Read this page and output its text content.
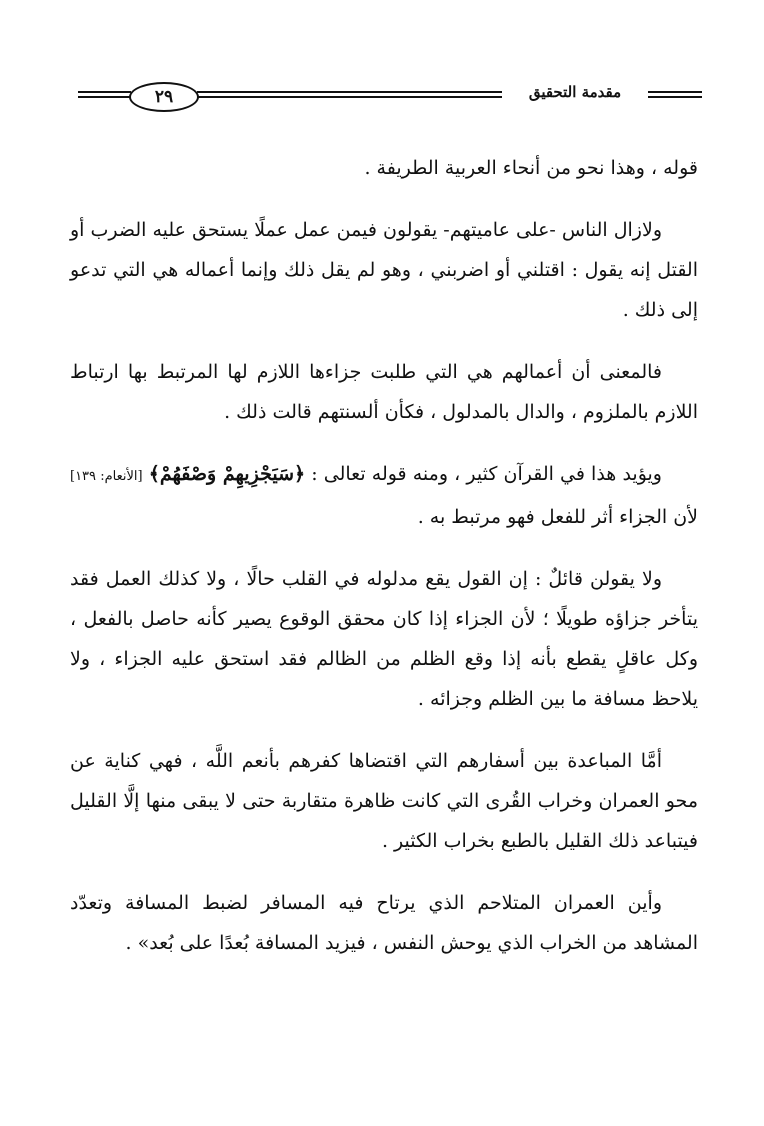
مقدمة التحقيق
٢٩

قوله ، وهذا نحو من أنحاء العربية الطريفة .

ولازال الناس -على عاميتهم- يقولون فيمن عمل عملًا يستحق عليه الضرب أو القتل إنه يقول : اقتلني أو اضربني ، وهو لم يقل ذلك وإنما أعماله هي التي تدعو إلى ذلك .

فالمعنى أن أعمالهم هي التي طلبت جزاءها اللازم لها المرتبط بها ارتباط اللازم بالملزوم ، والدال بالمدلول ، فكأن ألسنتهم قالت ذلك .

ويؤيد هذا في القرآن كثير ، ومنه قوله تعالى : ﴿سَيَجْزِيهِمْ وَصْفَهُمْ﴾ [الأنعام: ١٣٩] لأن الجزاء أثر للفعل فهو مرتبط به .

ولا يقولن قائلٌ : إن القول يقع مدلوله في القلب حالًا ، ولا كذلك العمل فقد يتأخر جزاؤه طويلًا ؛ لأن الجزاء إذا كان محقق الوقوع يصير كأنه حاصل بالفعل ، وكل عاقلٍ يقطع بأنه إذا وقع الظلم من الظالم فقد استحق عليه الجزاء ، ولا يلاحظ مسافة ما بين الظلم وجزائه .

أمَّا المباعدة بين أسفارهم التي اقتضاها كفرهم بأنعم اللَّه ، فهي كناية عن محو العمران وخراب القُرى التي كانت ظاهرة متقاربة حتى لا يبقى منها إلَّا القليل فيتباعد ذلك القليل بالطبع بخراب الكثير .

وأين العمران المتلاحم الذي يرتاح فيه المسافر لضبط المسافة وتعدّد المشاهد من الخراب الذي يوحش النفس ، فيزيد المسافة بُعدًا على بُعد» .
